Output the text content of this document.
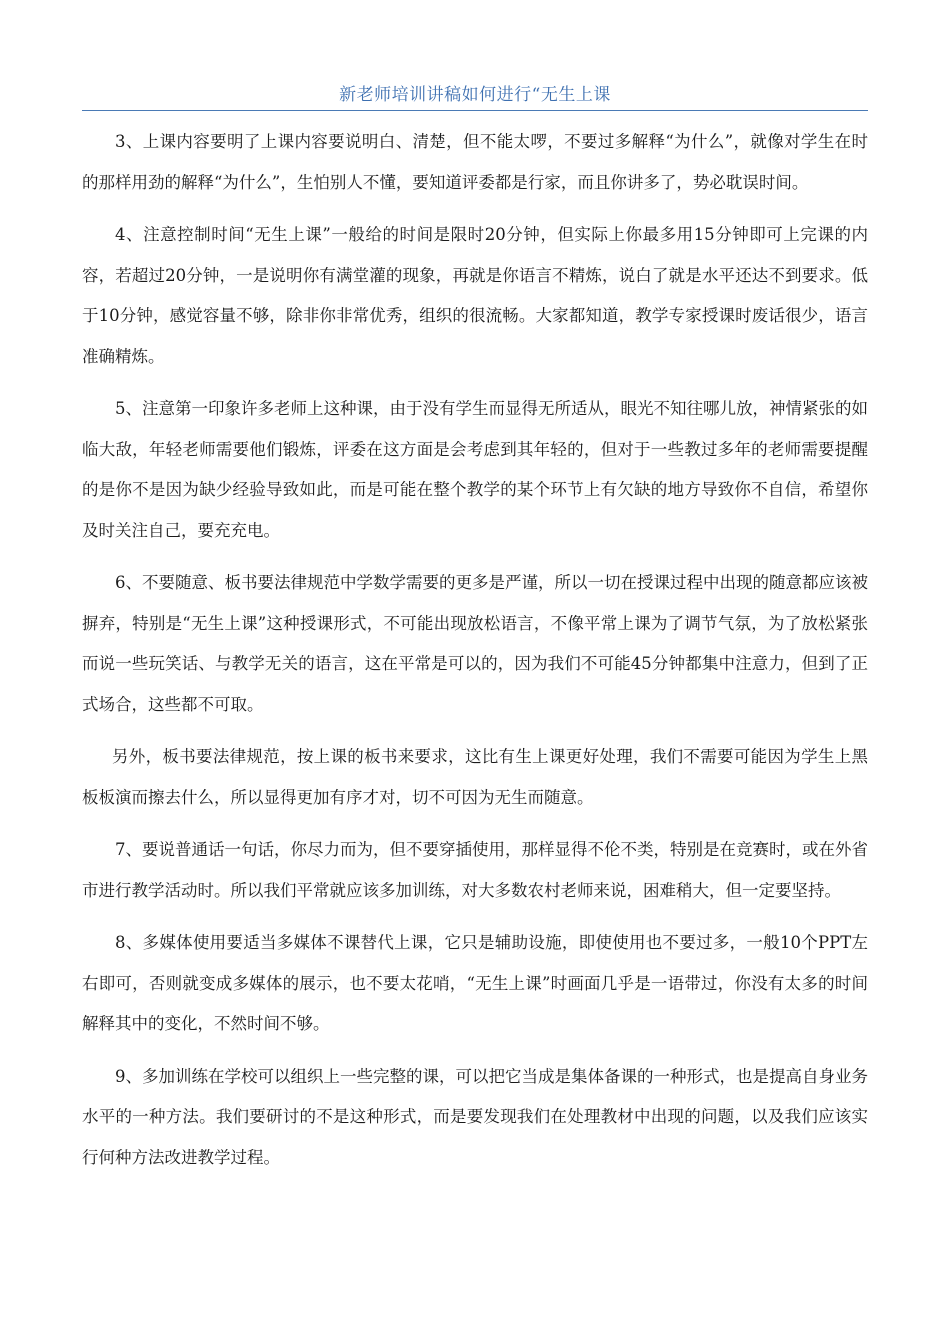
新老师培训讲稿如何进行“无生上课

3、上课内容要明了上课内容要说明白、清楚，但不能太啰，不要过多解释“为什么”，就像对学生在时的那样用劲的解释“为什么”，生怕别人不懂，要知道评委都是行家，而且你讲多了，势必耽误时间。

4、注意控制时间“无生上课”一般给的时间是限时20分钟，但实际上你最多用15分钟即可上完课的内容，若超过20分钟，一是说明你有满堂灌的现象，再就是你语言不精炼，说白了就是水平还达不到要求。低于10分钟，感觉容量不够，除非你非常优秀，组织的很流畅。大家都知道，教学专家授课时废话很少，语言准确精炼。

5、注意第一印象许多老师上这种课，由于没有学生而显得无所适从，眼光不知往哪儿放，神情紧张的如临大敌，年轻老师需要他们锻炼，评委在这方面是会考虑到其年轻的，但对于一些教过多年的老师需要提醒的是你不是因为缺少经验导致如此，而是可能在整个教学的某个环节上有欠缺的地方导致你不自信，希望你及时关注自己，要充充电。

6、不要随意、板书要法律规范中学数学需要的更多是严谨，所以一切在授课过程中出现的随意都应该被摒弃，特别是“无生上课”这种授课形式，不可能出现放松语言，不像平常上课为了调节气氛，为了放松紧张而说一些玩笑话、与教学无关的语言，这在平常是可以的，因为我们不可能45分钟都集中注意力，但到了正式场合，这些都不可取。

另外，板书要法律规范，按上课的板书来要求，这比有生上课更好处理，我们不需要可能因为学生上黑板板演而擦去什么，所以显得更加有序才对，切不可因为无生而随意。

7、要说普通话一句话，你尽力而为，但不要穿插使用，那样显得不伦不类，特别是在竞赛时，或在外省市进行教学活动时。所以我们平常就应该多加训练，对大多数农村老师来说，困难稍大，但一定要坚持。

8、多媒体使用要适当多媒体不课替代上课，它只是辅助设施，即使使用也不要过多，一般10个PPT左右即可，否则就变成多媒体的展示，也不要太花哨，“无生上课”时画面几乎是一语带过，你没有太多的时间解释其中的变化，不然时间不够。

9、多加训练在学校可以组织上一些完整的课，可以把它当成是集体备课的一种形式，也是提高自身业务水平的一种方法。我们要研讨的不是这种形式，而是要发现我们在处理教材中出现的问题，以及我们应该实行何种方法改进教学过程。
